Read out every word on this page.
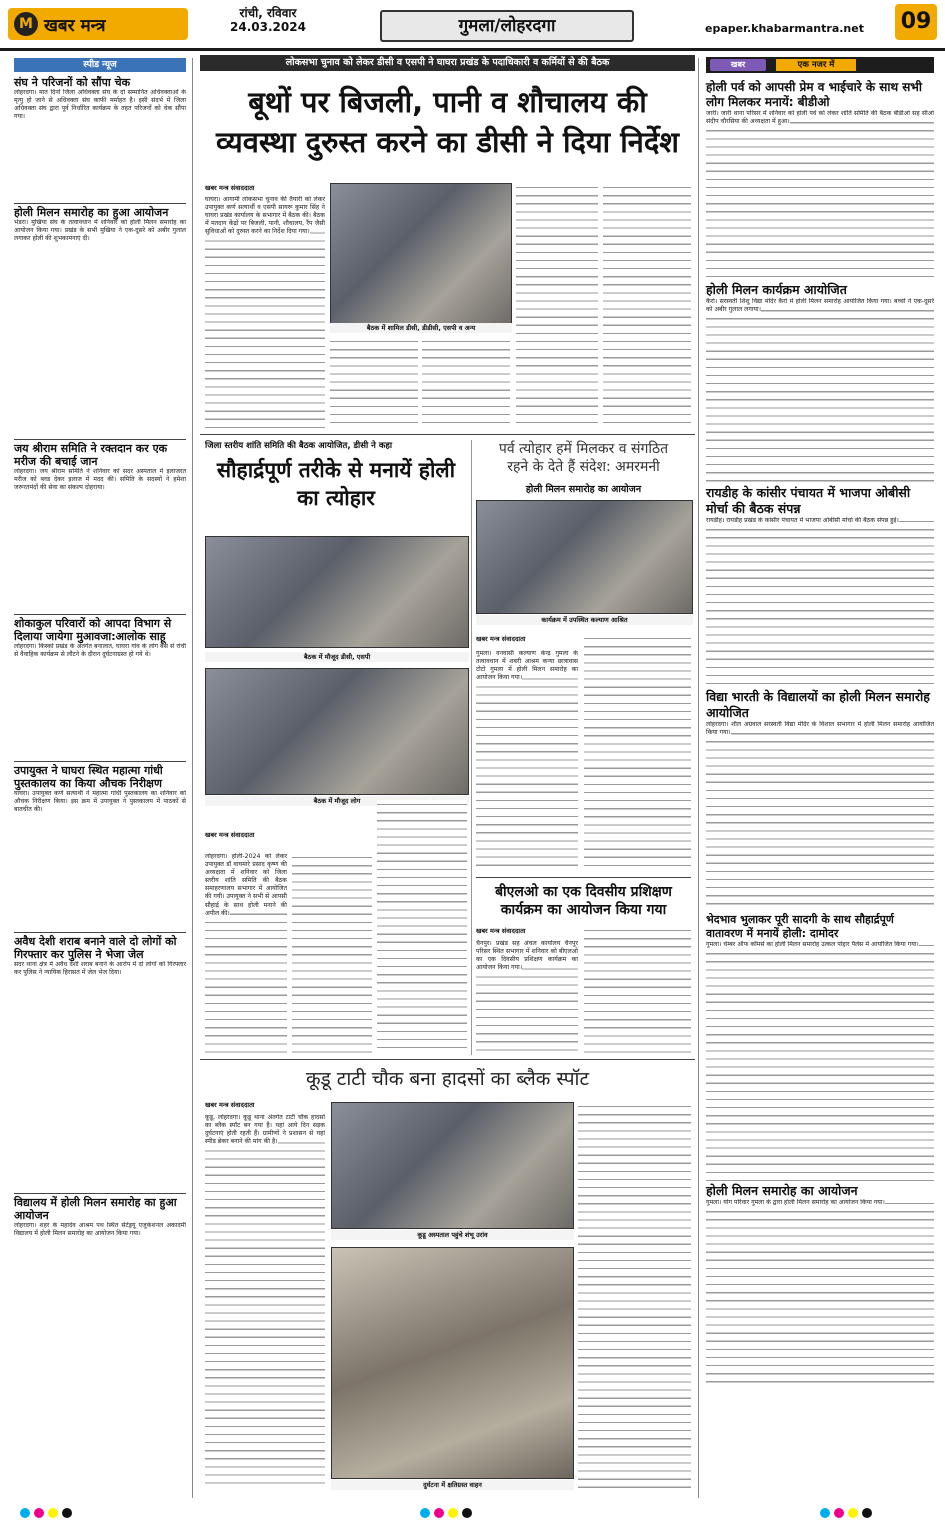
M खबर मन्त्र
रांची, रविवार
24.03.2024	गुमला/लोहरदगा	epaper.khabarmantra.net 09
स्पीड न्यूज
संघ ने परिजनों को सौंपा चेक
लोहरदगा। मात दिनों जिला अधिवक्ता संघ के दो सम्मानित अधिवक्ताओं के मृत्यु हो जाने से अधिवक्ता संघ काफी मर्माहत है। इसी संदर्भ में जिला अधिवक्ता संघ द्वारा पूर्व निर्धारित कार्यक्रम के तहत परिजनों को चेक सौंपा गया।
होली मिलन समारोह का हुआ आयोजन
भंडरा। मुखिया संघ के तत्वावधान में शनिवार को होली मिलन समारोह का आयोजन किया गया। प्रखंड के सभी मुखिया ने एक-दूसरे को अबीर गुलाल लगाकर होली की शुभकामनाएं दी।
जय श्रीराम समिति ने रक्तदान कर एक मरीज की बचाई जान
लोहरदगा। जय श्रीराम समिति ने शनिवार को सदर अस्पताल में इलाजरत मरीज को ब्लड देकर इलाज में मदद की। समिति के सदस्यों ने हमेशा जरूरतमंदों की सेवा का संकल्प दोहराया।
शोकाकुल परिवारों को आपदा विभाग से दिलाया जायेगा मुआवजा:आलोक साहू
लोहरदगा। किस्को प्रखंड के अंतर्गत बनालात, घाघरा गांव के लोग बस से रांची से वैवाहिक कार्यक्रम से लौटने के दौरान दुर्घटनाग्रस्त हो गये थे।
उपायुक्त ने घाघरा स्थित महात्मा गांधी पुस्तकालय का किया औचक निरीक्षण
घाघरा। उपायुक्त कर्ण सत्यार्थी ने महात्मा गांधी पुस्तकालय का शनिवार को औचक निरीक्षण किया। इस क्रम में उपायुक्त ने पुस्तकालय में पाठकों से बातचीत की।
अवैध देशी शराब बनाने वाले दो लोगों को गिरफ्तार कर पुलिस ने भेजा जेल
सदर थाना क्षेत्र में अवैध देशी शराब बनाने के आरोप में दो लोगों को गिरफ्तार कर पुलिस ने न्यायिक हिरासत में जेल भेज दिया।
विद्यालय में होली मिलन समारोह का हुआ आयोजन
लोहरदगा। शहर के महादेव आश्रम पथ स्थित सेंटेंड्रयू एजुकेशनल अकादमी विद्यालय में होली मिलन समारोह का आयोजन किया गया।
लोकसभा चुनाव को लेकर डीसी व एसपी ने घाघरा प्रखंड के पदाधिकारी व कर्मियों से की बैठक
बूथों पर बिजली, पानी व शौचालय की व्यवस्था दुरुस्त करने का डीसी ने दिया निर्देश
खबर मन्त्र संवाददाता
घाघरा। आगामी लोकसभा चुनाव की तैयारी को लेकर उपायुक्त कर्ण सत्यार्थी व एसपी सायरू कुमार सिंह ने घाघरा प्रखंड कार्यालय के सभागार में बैठक की। बैठक में मतदान केंद्रों पर बिजली, पानी, शौचालय, रैंप जैसी सुविधाओं को दुरुस्त करने का निर्देश दिया गया।
बैठक में शामिल डीसी, डीडीसी, एसपी व अन्य
जिला स्तरीय शांति समिति की बैठक आयोजित, डीसी ने कहा
सौहार्द्रपूर्ण तरीके से मनायें होली का त्योहार
बैठक में मौजूद डीसी, एसपी
बैठक में मौजूद लोग
खबर मन्त्र संवाददाता
लोहरदगा। होली-2024 को लेकर उपायुक्त डॉ वाघमारे प्रसाद कृष्ण की अध्यक्षता में शनिवार को जिला स्तरीय शांति समिति की बैठक समाहरणालय सभागार में आयोजित की गयी। उपायुक्त ने सभी से आपसी सौहार्द्र के साथ होली मनाने की अपील की।
पर्व त्योहार हमें मिलकर व संगठित
रहने के देते हैं संदेश: अमरमनी
होली मिलन समारोह का आयोजन
कार्यक्रम में उपस्थित कल्याण आश्रित
खबर मन्त्र संवाददाता
गुमला। वनवासी कल्याण केन्द्र गुमला के तत्वावधान में शबरी आश्रम कन्या छात्रावास टोटो गुमला में होली मिलन समारोह का आयोजन किया गया।
बीएलओ का एक दिवसीय प्रशिक्षण कार्यक्रम का आयोजन किया गया
खबर मन्त्र संवाददाता
चैनपुर। प्रखंड सह अंचल कार्यालय चैनपुर परिसर स्थित सभागार में शनिवार को बीएलओ का एक दिवसीय प्रशिक्षण कार्यक्रम का आयोजन किया गया।
कूडू टाटी चौक बना हादसों का ब्लैक स्पॉट
खबर मन्त्र संवाददाता
कूडू, लोहरदगा। कूडू थाना अंतर्गत टाटी चौक हादसों का ब्लैक स्पॉट बन गया है। यहां आये दिन सड़क दुर्घटनाएं होती रहती हैं। ग्रामीणों ने प्रशासन से यहां स्पीड ब्रेकर बनाने की मांग की है।
कूडू अस्पताल पहुंचे शंभू उरांव
दुर्घटना में क्षतिग्रस्त वाहन
खबर	एक नजर में
होली पर्व को आपसी प्रेम व भाईचारे के साथ सभी लोग मिलकर मनायें: बीडीओ
जारी। जारी थाना परिसर में शनिवार को होली पर्व को लेकर शांति समिति की बैठक बीडीओ सह सीओ संदीप चौरसिया की अध्यक्षता में हुआ।
होली मिलन कार्यक्रम आयोजित
कैरो। सरस्वती शिशु विद्या मंदिर कैरो में होली मिलन समारोह आयोजित किया गया। बच्चों ने एक-दूसरे को अबीर गुलाल लगाया।
रायडीह के कांसीर पंचायत में भाजपा ओबीसी मोर्चा की बैठक संपन्न
रायडीह। रायडीह प्रखंड के कांसीर पंचायत में भाजपा ओबीसी मोर्चा की बैठक संपन्न हुई।
विद्या भारती के विद्यालयों का होली मिलन समारोह आयोजित
लोहरदगा। शील अग्रवाल सरस्वती विद्या मंदिर के विशाल सभागार में होली मिलन समारोह आयोजित किया गया।
भेदभाव भुलाकर पूरी सादगी के साथ सौहार्द्रपूर्ण वातावरण में मनायें होली: दामोदर
गुमला। चेम्बर ऑफ कॉमर्स का होली मिलन समारोह उत्कल पोद्दार पैलेस में आयोजित किया गया।
होली मिलन समारोह का आयोजन
गुमला। योग परिवार गुमला के द्वारा होली मिलन समारोह का आयोजन किया गया।
